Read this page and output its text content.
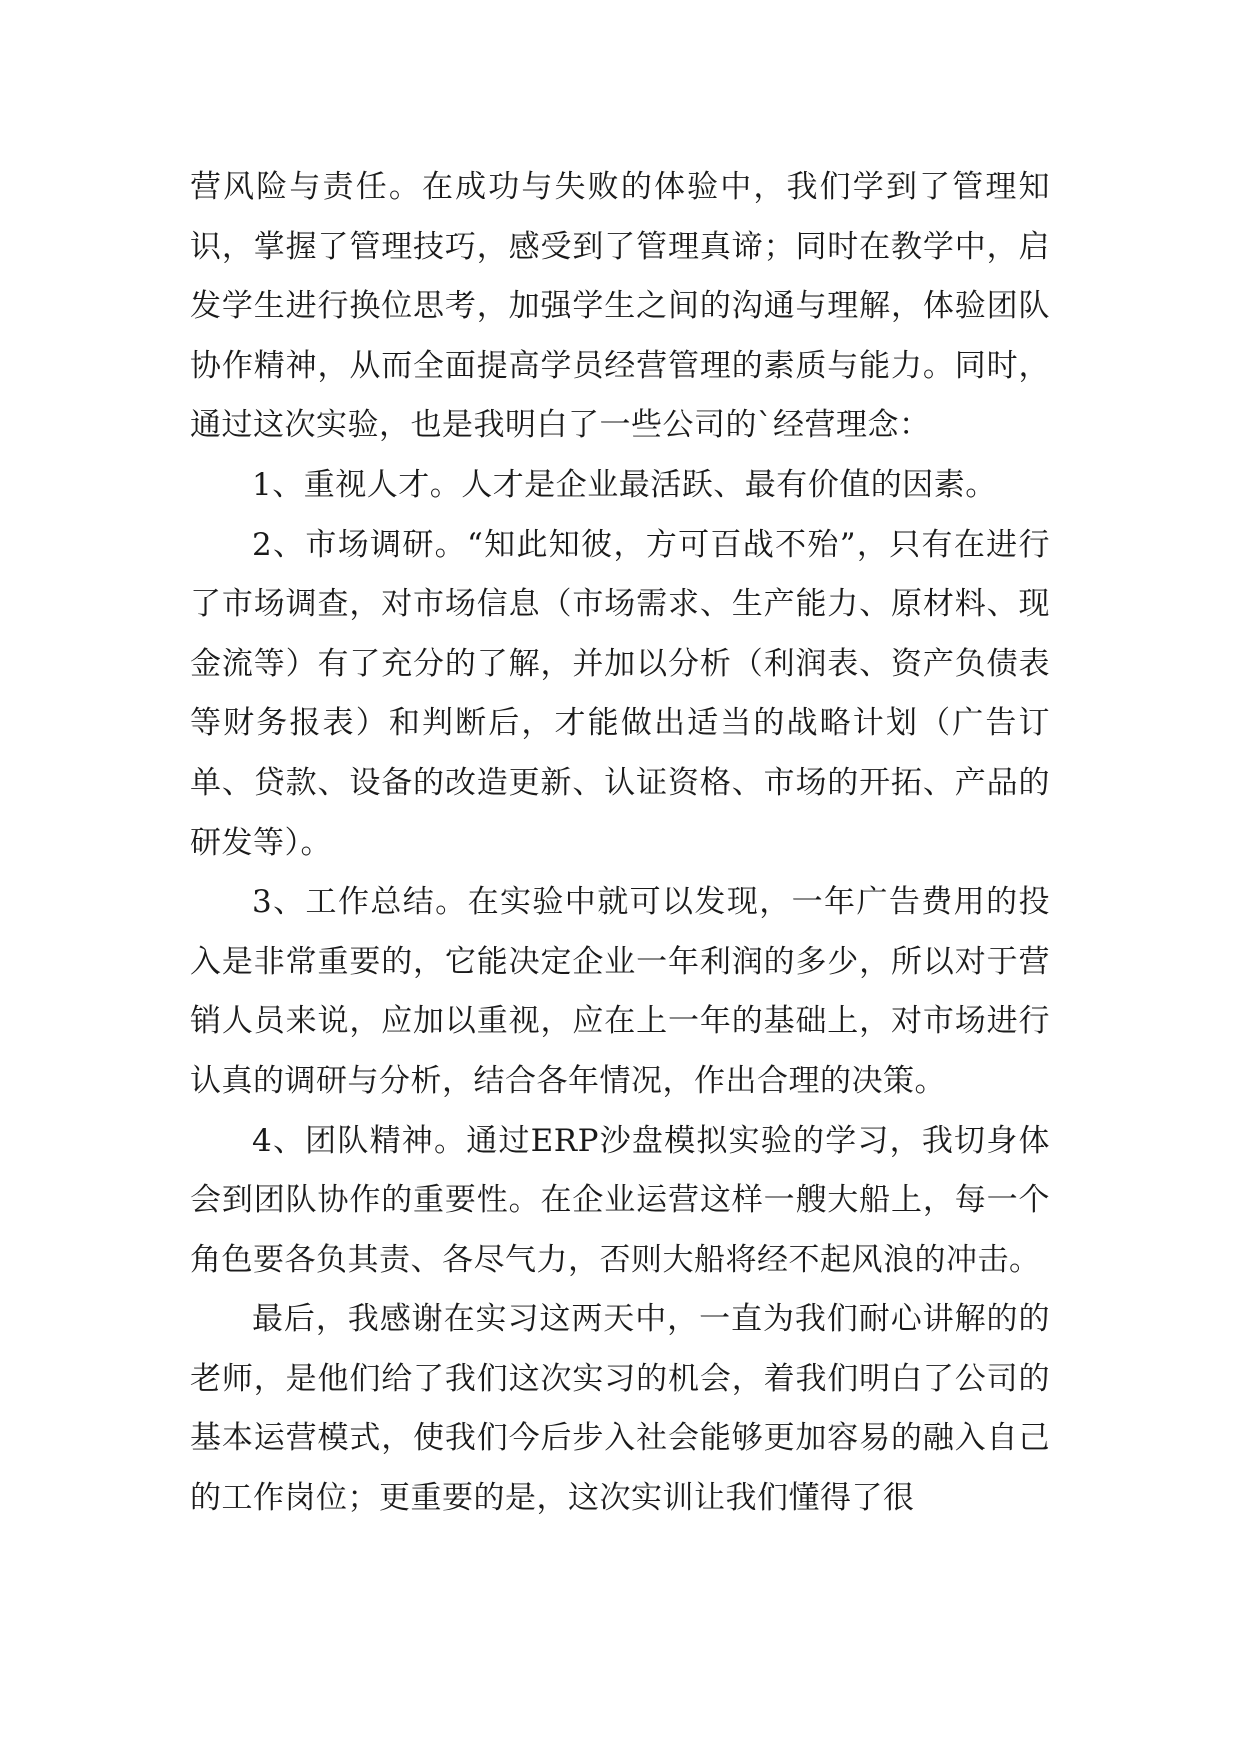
营风险与责任。在成功与失败的体验中，我们学到了管理知识，掌握了管理技巧，感受到了管理真谛；同时在教学中，启发学生进行换位思考，加强学生之间的沟通与理解，体验团队协作精神，从而全面提高学员经营管理的素质与能力。同时，通过这次实验，也是我明白了一些公司的`经营理念：

1、重视人才。人才是企业最活跃、最有价值的因素。

2、市场调研。“知此知彼，方可百战不殆”，只有在进行了市场调查，对市场信息（市场需求、生产能力、原材料、现金流等）有了充分的了解，并加以分析（利润表、资产负债表等财务报表）和判断后，才能做出适当的战略计划（广告订单、贷款、设备的改造更新、认证资格、市场的开拓、产品的研发等）。

3、工作总结。在实验中就可以发现，一年广告费用的投入是非常重要的，它能决定企业一年利润的多少，所以对于营销人员来说，应加以重视，应在上一年的基础上，对市场进行认真的调研与分析，结合各年情况，作出合理的决策。

4、团队精神。通过ERP沙盘模拟实验的学习，我切身体会到团队协作的重要性。在企业运营这样一艘大船上，每一个角色要各负其责、各尽气力，否则大船将经不起风浪的冲击。

最后，我感谢在实习这两天中，一直为我们耐心讲解的的老师，是他们给了我们这次实习的机会，着我们明白了公司的基本运营模式，使我们今后步入社会能够更加容易的融入自己的工作岗位；更重要的是，这次实训让我们懂得了很
